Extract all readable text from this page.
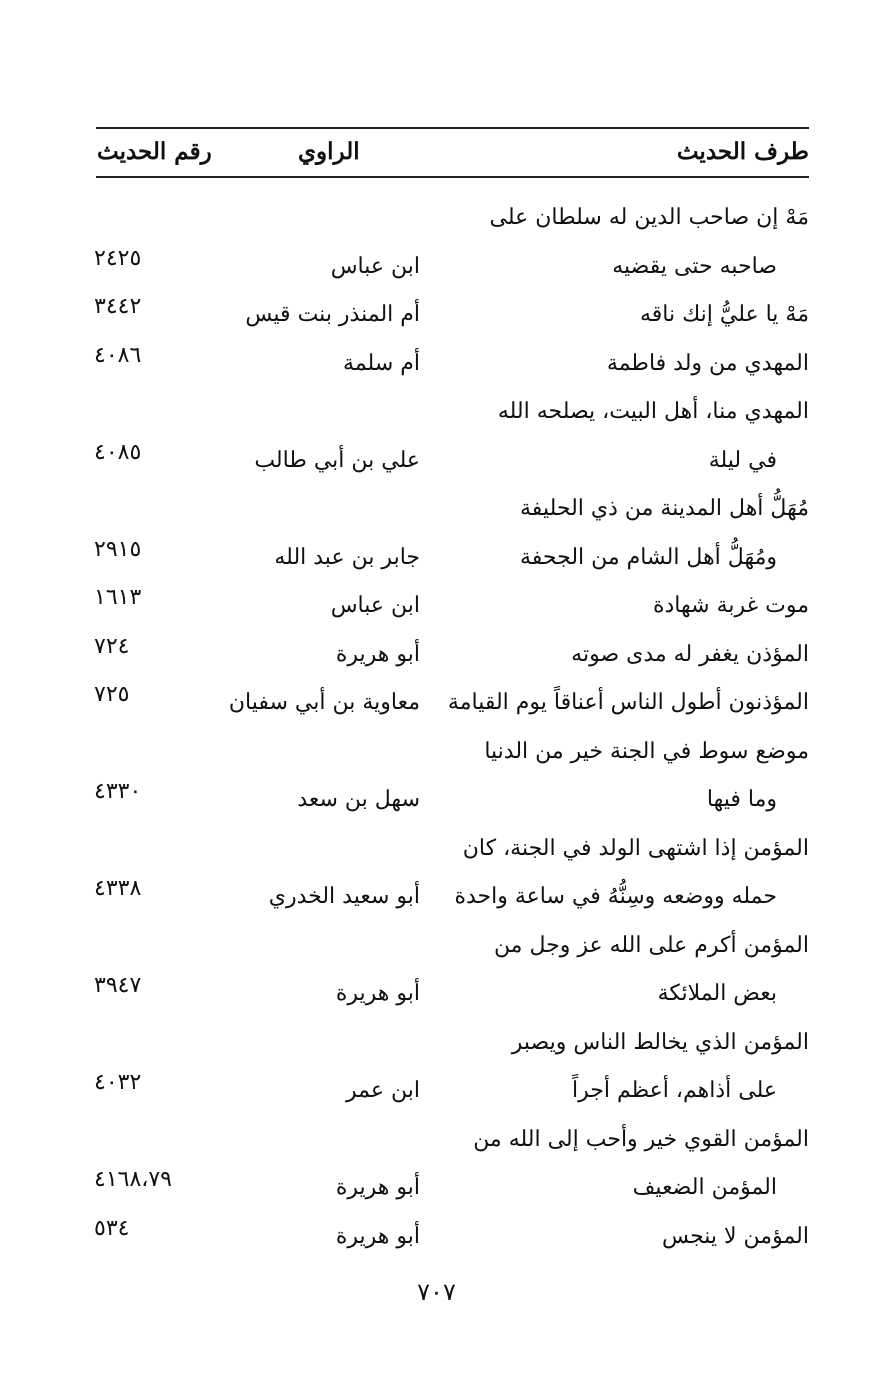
طرف الحديث
الراوي
رقم الحديث
مَهْ إن صاحب الدين له سلطان على
صاحبه حتى يقضيه
ابن عباس
٢٤٢٥
مَهْ يا عليُّ إنك ناقه
أم المنذر بنت قيس
٣٤٤٢
المهدي من ولد فاطمة
أم سلمة
٤٠٨٦
المهدي منا، أهل البيت، يصلحه الله
في ليلة
علي بن أبي طالب
٤٠٨٥
مُهَلُّ أهل المدينة من ذي الحليفة
ومُهَلُّ أهل الشام من الجحفة
جابر بن عبد الله
٢٩١٥
موت غربة شهادة
ابن عباس
١٦١٣
المؤذن يغفر له مدى صوته
أبو هريرة
٧٢٤
المؤذنون أطول الناس أعناقاً يوم القيامة
معاوية بن أبي سفيان
٧٢٥
موضع سوط في الجنة خير من الدنيا
وما فيها
سهل بن سعد
٤٣٣٠
المؤمن إذا اشتهى الولد في الجنة، كان
حمله ووضعه وسِنُّهُ في ساعة واحدة
أبو سعيد الخدري
٤٣٣٨
المؤمن أكرم على الله عز وجل من
بعض الملائكة
أبو هريرة
٣٩٤٧
المؤمن الذي يخالط الناس ويصبر
على أذاهم، أعظم أجراً
ابن عمر
٤٠٣٢
المؤمن القوي خير وأحب إلى الله من
المؤمن الضعيف
أبو هريرة
٤١٦٨،٧٩
المؤمن لا ينجس
أبو هريرة
٥٣٤
٧٠٧
